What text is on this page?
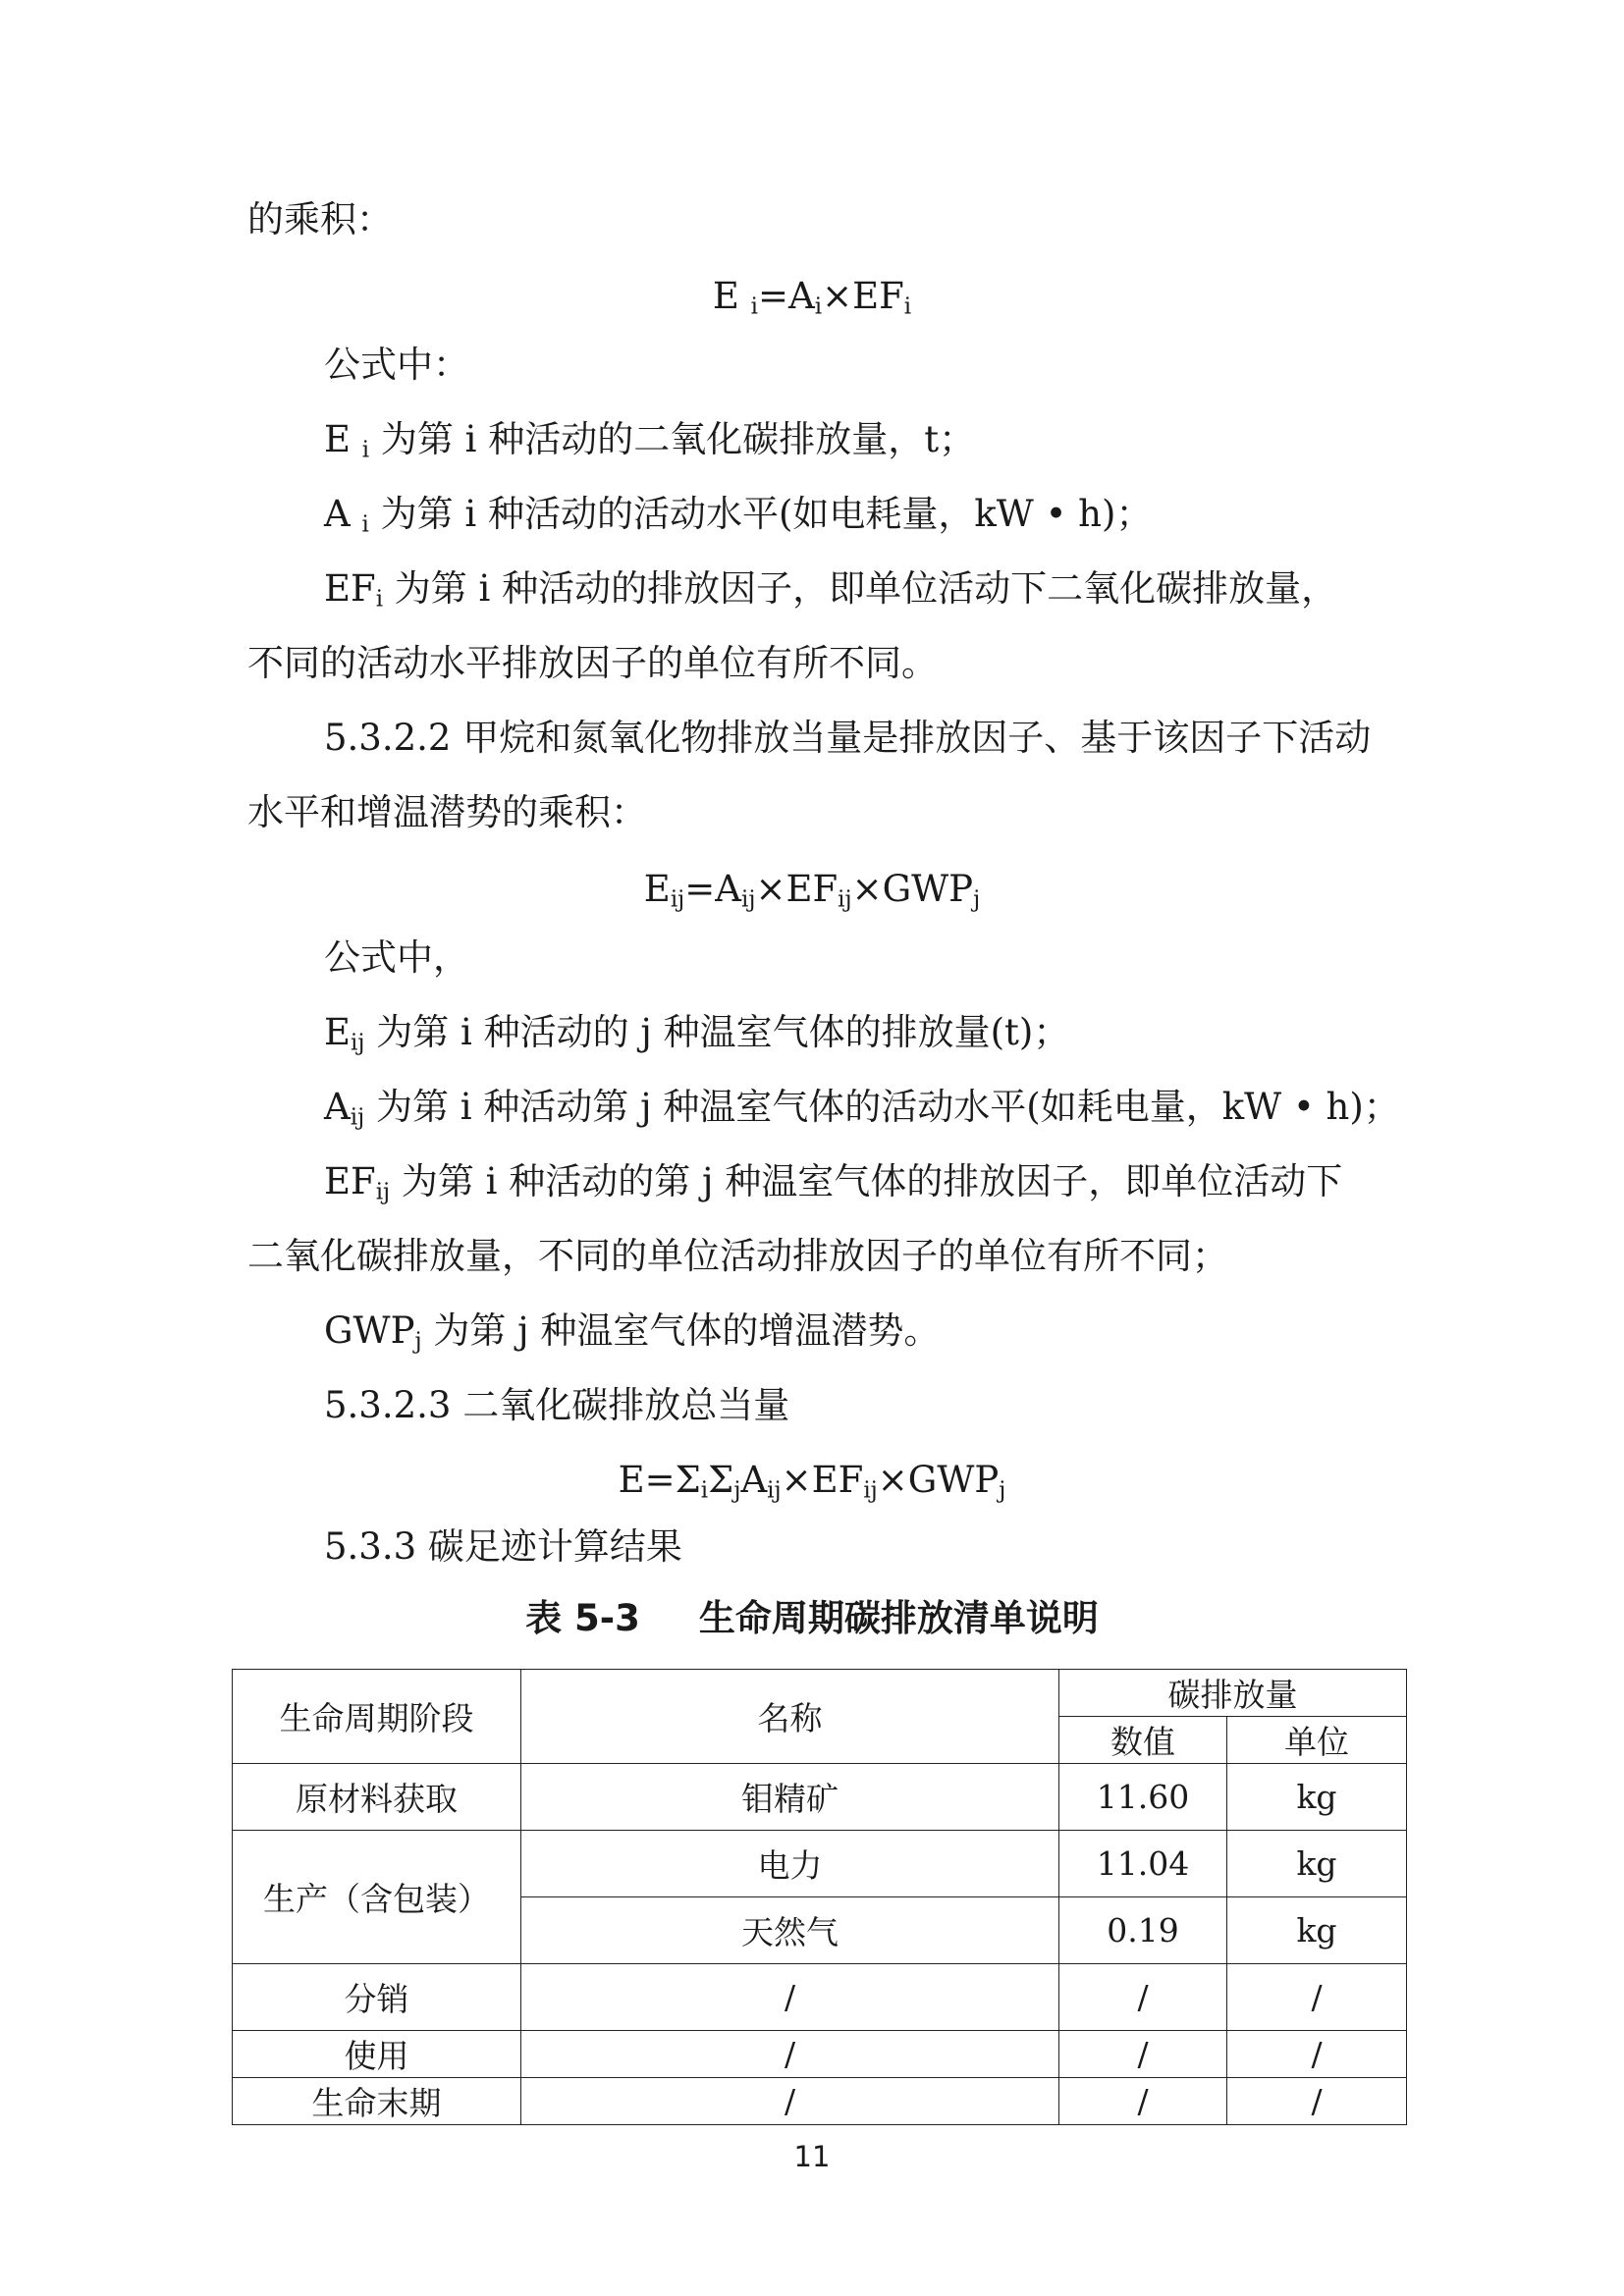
的乘积：
E $_i=A_i\times EF_i$
公式中：
E $_i$ 为第 i 种活动的二氧化碳排放量，t；
A $_i$ 为第 i 种活动的活动水平(如电耗量，kW • h)；
$EF_i$ 为第 i 种活动的排放因子，即单位活动下二氧化碳排放量，
不同的活动水平排放因子的单位有所不同。
5.3.2.2 甲烷和氮氧化物排放当量是排放因子、基于该因子下活动
水平和增温潜势的乘积：
$E_{ij}=A_{ij}\times EF_{ij}\times GWP_j$
公式中，
$E_{ij}$ 为第 i 种活动的 j 种温室气体的排放量(t)；
$A_{ij}$ 为第 i 种活动第 j 种温室气体的活动水平(如耗电量，kW • h)；
$EF_{ij}$ 为第 i 种活动的第 j 种温室气体的排放因子，即单位活动下
二氧化碳排放量，不同的单位活动排放因子的单位有所不同；
$GWP_j$ 为第 j 种温室气体的增温潜势。
5.3.2.3 二氧化碳排放总当量
$E=\Sigma_i\Sigma_jA_{ij}\times EF_{ij}\times GWP_j$
5.3.3 碳足迹计算结果
表 5-3 生命周期碳排放清单说明
生命周期阶段	名称	碳排放量	
		数值	单位
原材料获取	钼精矿	11.60	kg
生产（含包装）	电力	11.04	kg
	天然气	0.19	kg
分销	/	/	/
使用	/	/	/
生命末期	/	/	/
11
